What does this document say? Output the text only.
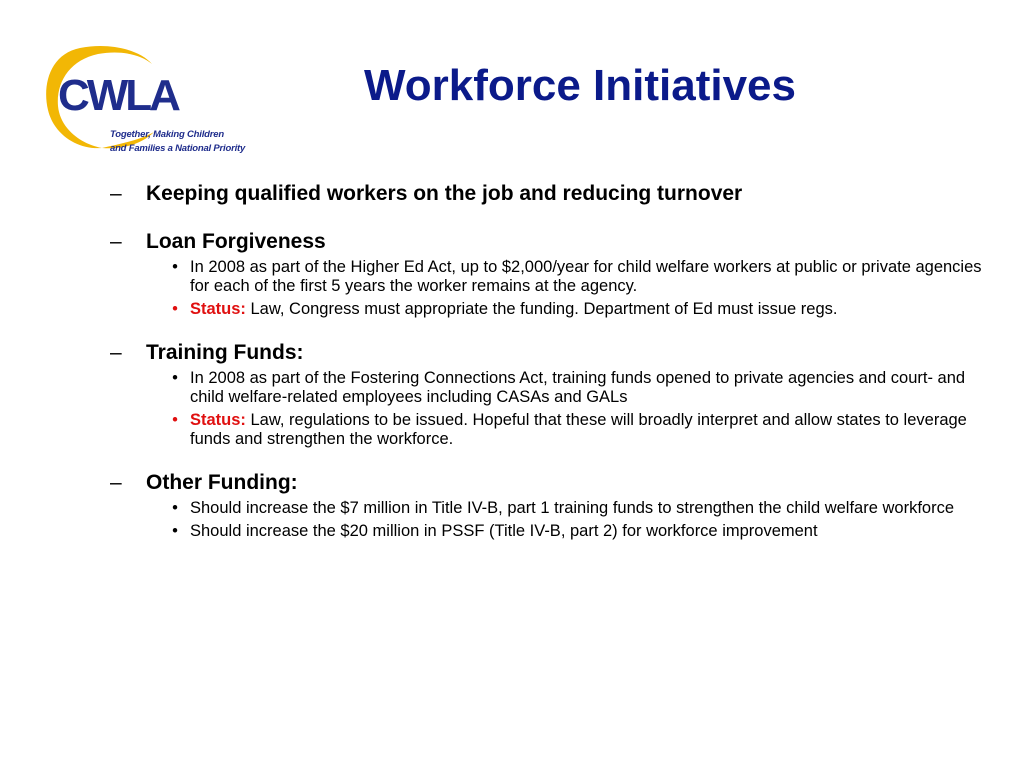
CWLA
Together, Making Children
and Families a National Priority
Workforce Initiatives
–	Keeping qualified workers on the job and reducing turnover
–	Loan Forgiveness
• In 2008 as part of the Higher Ed Act, up to $2,000/year for child welfare workers at public or private agencies for each of the first 5 years the worker remains at the agency.
• Status: Law, Congress must appropriate the funding. Department of Ed must issue regs.
–	Training Funds:
• In 2008 as part of the Fostering Connections Act, training funds opened to private agencies and court- and child welfare-related employees including CASAs and GALs
• Status: Law, regulations to be issued. Hopeful that these will broadly interpret and allow states to leverage funds and strengthen the workforce.
–	Other Funding:
• Should increase the $7 million in Title IV-B, part 1 training funds to strengthen the child welfare workforce
• Should increase the $20 million in PSSF (Title IV-B, part 2) for workforce improvement
